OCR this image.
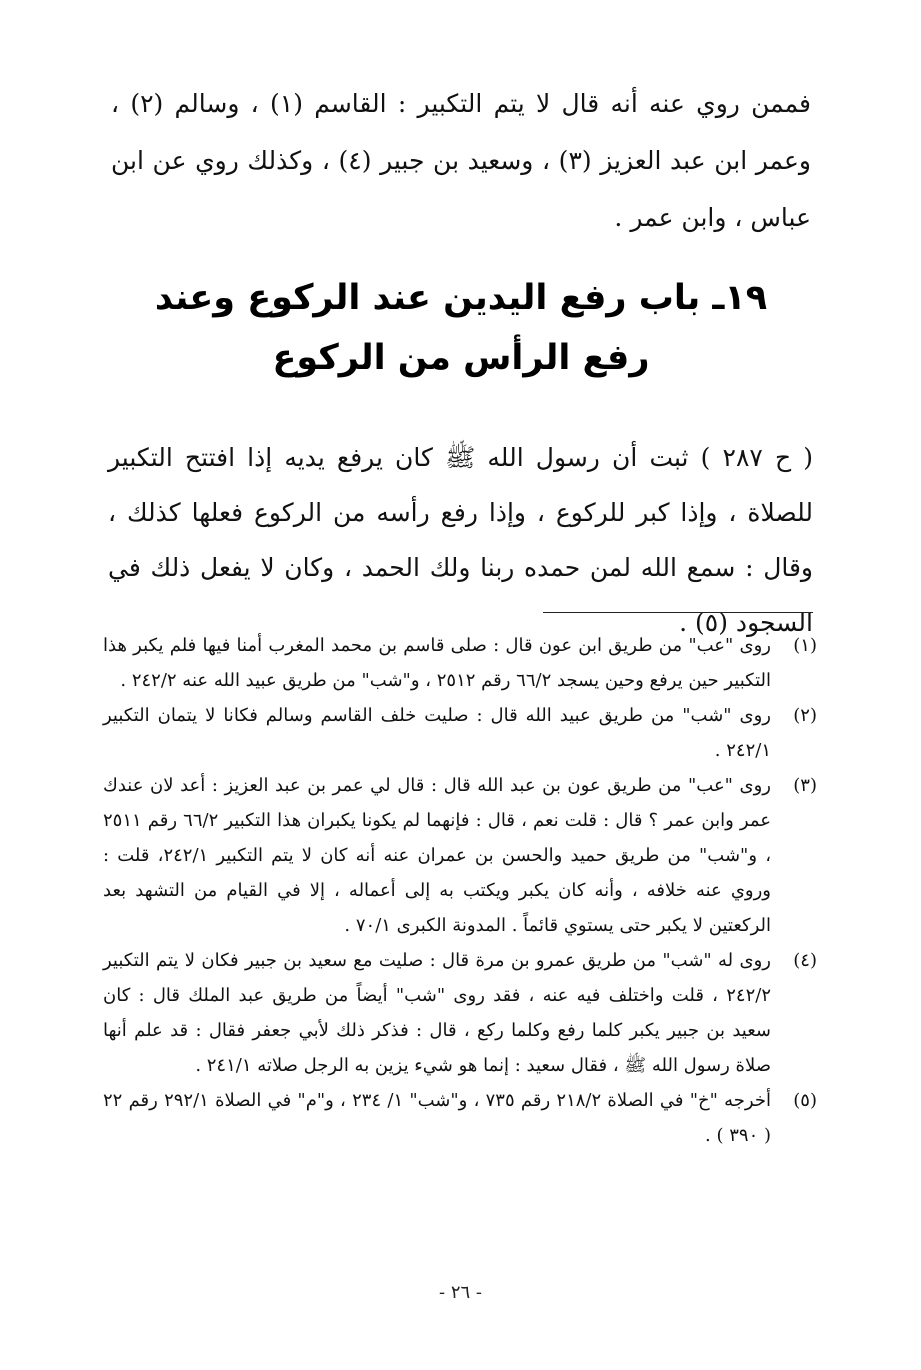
فممن روي عنه أنه قال لا يتم التكبير : القاسم (١) ، وسالم (٢) ، وعمر ابن عبد العزيز (٣) ، وسعيد بن جبير (٤) ، وكذلك روي عن ابن عباس ، وابن عمر .

١٩ـ باب رفع اليدين عند الركوع وعند رفع الرأس من الركوع

( ح ٢٨٧ ) ثبت أن رسول الله ﷺ كان يرفع يديه إذا افتتح التكبير للصلاة ، وإذا كبر للركوع ، وإذا رفع رأسه من الركوع فعلها كذلك ، وقال : سمع الله لمن حمده ربنا ولك الحمد ، وكان لا يفعل ذلك في السجود (٥) .

(١)
روى "عب" من طريق ابن عون قال : صلى قاسم بن محمد المغرب أمنا فيها فلم يكبر هذا التكبير حين يرفع وحين يسجد ٦٦/٢ رقم ٢٥١٢ ، و"شب" من طريق عبيد الله عنه ٢٤٢/٢ .
(٢)
روى "شب" من طريق عبيد الله قال : صليت خلف القاسم وسالم فكانا لا يتمان التكبير ٢٤٢/١ .
(٣)
روى "عب" من طريق عون بن عبد الله قال : قال لي عمر بن عبد العزيز : أعد لان عندك عمر وابن عمر ؟ قال : قلت نعم ، قال : فإنهما لم يكونا يكبران هذا التكبير ٦٦/٢ رقم ٢٥١١ ، و"شب" من طريق حميد والحسن بن عمران عنه أنه كان لا يتم التكبير ٢٤٢/١، قلت : وروي عنه خلافه ، وأنه كان يكبر ويكتب به إلى أعماله ، إلا في القيام من التشهد بعد الركعتين لا يكبر حتى يستوي قائماً . المدونة الكبرى ٧٠/١ .
(٤)
روى له "شب" من طريق عمرو بن مرة قال : صليت مع سعيد بن جبير فكان لا يتم التكبير ٢٤٢/٢ ، قلت واختلف فيه عنه ، فقد روى "شب" أيضاً من طريق عبد الملك قال : كان سعيد بن جبير يكبر كلما رفع وكلما ركع ، قال : فذكر ذلك لأبي جعفر فقال : قد علم أنها صلاة رسول الله ﷺ ، فقال سعيد : إنما هو شيء يزين به الرجل صلاته ٢٤١/١ .
(٥)
أخرجه "خ" في الصلاة ٢١٨/٢ رقم ٧٣٥ ، و"شب" ١/ ٢٣٤ ، و"م" في الصلاة ٢٩٢/١ رقم ٢٢ ( ٣٩٠ ) .
- ٢٦ -
